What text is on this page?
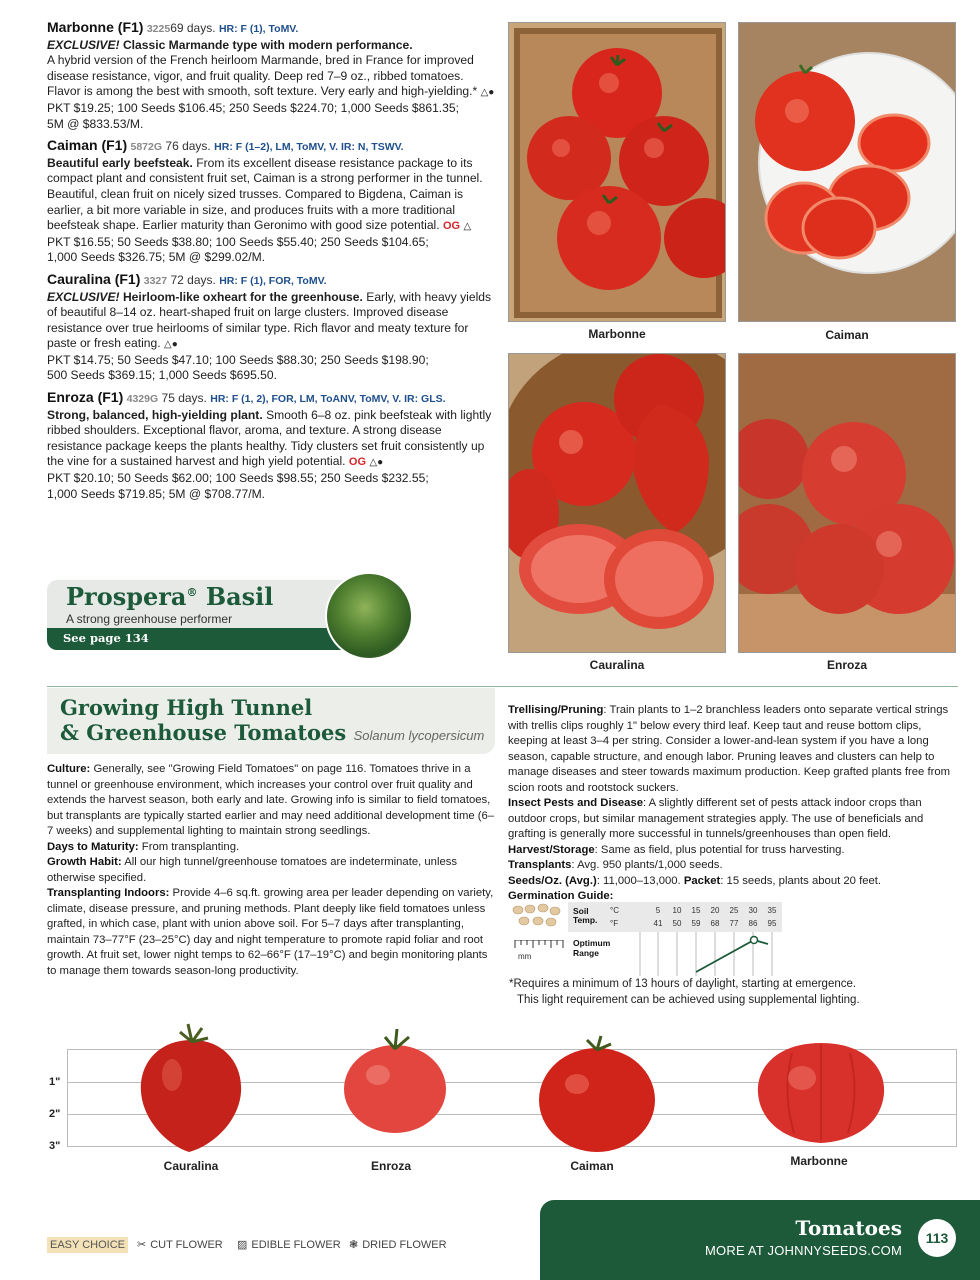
Marbonne (F1) 322569 days. HR: F (1), ToMV.
EXCLUSIVE! Classic Marmande type with modern performance.
A hybrid version of the French heirloom Marmande, bred in France for improved disease resistance, vigor, and fruit quality. Deep red 7–9 oz., ribbed tomatoes. Flavor is among the best with smooth, soft texture. Very early and high-yielding.* △●
PKT $19.25; 100 Seeds $106.45; 250 Seeds $224.70; 1,000 Seeds $861.35;
5M @ $833.53/M.
Caiman (F1) 5872G 76 days. HR: F (1–2), LM, ToMV, V. IR: N, TSWV.
Beautiful early beefsteak. From its excellent disease resistance package to its compact plant and consistent fruit set, Caiman is a strong performer in the tunnel. Beautiful, clean fruit on nicely sized trusses. Compared to Bigdena, Caiman is earlier, a bit more variable in size, and produces fruits with a more traditional beefsteak shape. Earlier maturity than Geronimo with good size potential. OG △
PKT $16.55; 50 Seeds $38.80; 100 Seeds $55.40; 250 Seeds $104.65;
1,000 Seeds $326.75; 5M @ $299.02/M.
Cauralina (F1) 3327 72 days. HR: F (1), FOR, ToMV.
EXCLUSIVE! Heirloom-like oxheart for the greenhouse. Early, with heavy yields of beautiful 8–14 oz. heart-shaped fruit on large clusters. Improved disease resistance over true heirlooms of similar type. Rich flavor and meaty texture for paste or fresh eating. △●
PKT $14.75; 50 Seeds $47.10; 100 Seeds $88.30; 250 Seeds $198.90;
500 Seeds $369.15; 1,000 Seeds $695.50.
Enroza (F1) 4329G 75 days. HR: F (1, 2), FOR, LM, ToANV, ToMV, V. IR: GLS.
Strong, balanced, high-yielding plant. Smooth 6–8 oz. pink beefsteak with lightly ribbed shoulders. Exceptional flavor, aroma, and texture. A strong disease resistance package keeps the plants healthy. Tidy clusters set fruit consistently up the vine for a sustained harvest and high yield potential. OG △●
PKT $20.10; 50 Seeds $62.00; 100 Seeds $98.55; 250 Seeds $232.55;
1,000 Seeds $719.85; 5M @ $708.77/M.
Prospera® Basil
A strong greenhouse performer
See page 134
Marbonne	Caiman
Cauralina	Enroza
Growing High Tunnel
& Greenhouse Tomatoes Solanum lycopersicum

Culture: Generally, see "Growing Field Tomatoes" on page 116. Tomatoes thrive in a tunnel or greenhouse environment, which increases your control over fruit quality and extends the harvest season, both early and late. Growing info is similar to field tomatoes, but transplants are typically started earlier and may need additional development time (6–7 weeks) and supplemental lighting to maintain strong seedlings.

Days to Maturity: From transplanting.

Growth Habit: All our high tunnel/greenhouse tomatoes are indeterminate, unless otherwise specified.

Transplanting Indoors: Provide 4–6 sq.ft. growing area per leader depending on variety, climate, disease pressure, and pruning methods. Plant deeply like field tomatoes unless grafted, in which case, plant with union above soil. For 5–7 days after transplanting, maintain 73–77°F (23–25°C) day and night temperature to promote rapid foliar and root growth. At fruit set, lower night temps to 62–66°F (17–19°C) and begin monitoring plants to manage them towards season-long productivity.

Trellising/Pruning: Train plants to 1–2 branchless leaders onto separate vertical strings with trellis clips roughly 1" below every third leaf. Keep taut and reuse bottom clips, keeping at least 3–4 per string. Consider a lower-and-lean system if you have a long season, capable structure, and enough labor. Pruning leaves and clusters can help to manage diseases and steer towards maximum production. Keep grafted plants free from scion roots and rootstock suckers.

Insect Pests and Disease: A slightly different set of pests attack indoor crops than outdoor crops, but similar management strategies apply. The use of beneficials and grafting is generally more successful in tunnels/greenhouses than open field.

Harvest/Storage: Same as field, plus potential for truss harvesting.

Transplants: Avg. 950 plants/1,000 seeds.

Seeds/Oz. (Avg.): 11,000–13,000. Packet: 15 seeds, plants about 20 feet.

Germination Guide:

mm
Soil
Temp.
°C
°F
5	10	15	20	25	30	35
41	50	59	68	77	86	95
Optimum
Range
*Requires a minimum of 13 hours of daylight, starting at emergence.
This light requirement can be achieved using supplemental lighting.
1"
2"
3"
Cauralina	Enroza	Caiman	Marbonne
EASY CHOICE ✂ CUT FLOWER ▨ EDIBLE FLOWER ❃ DRIED FLOWER
Tomatoes
MORE AT JOHNNYSEEDS.COM
113
